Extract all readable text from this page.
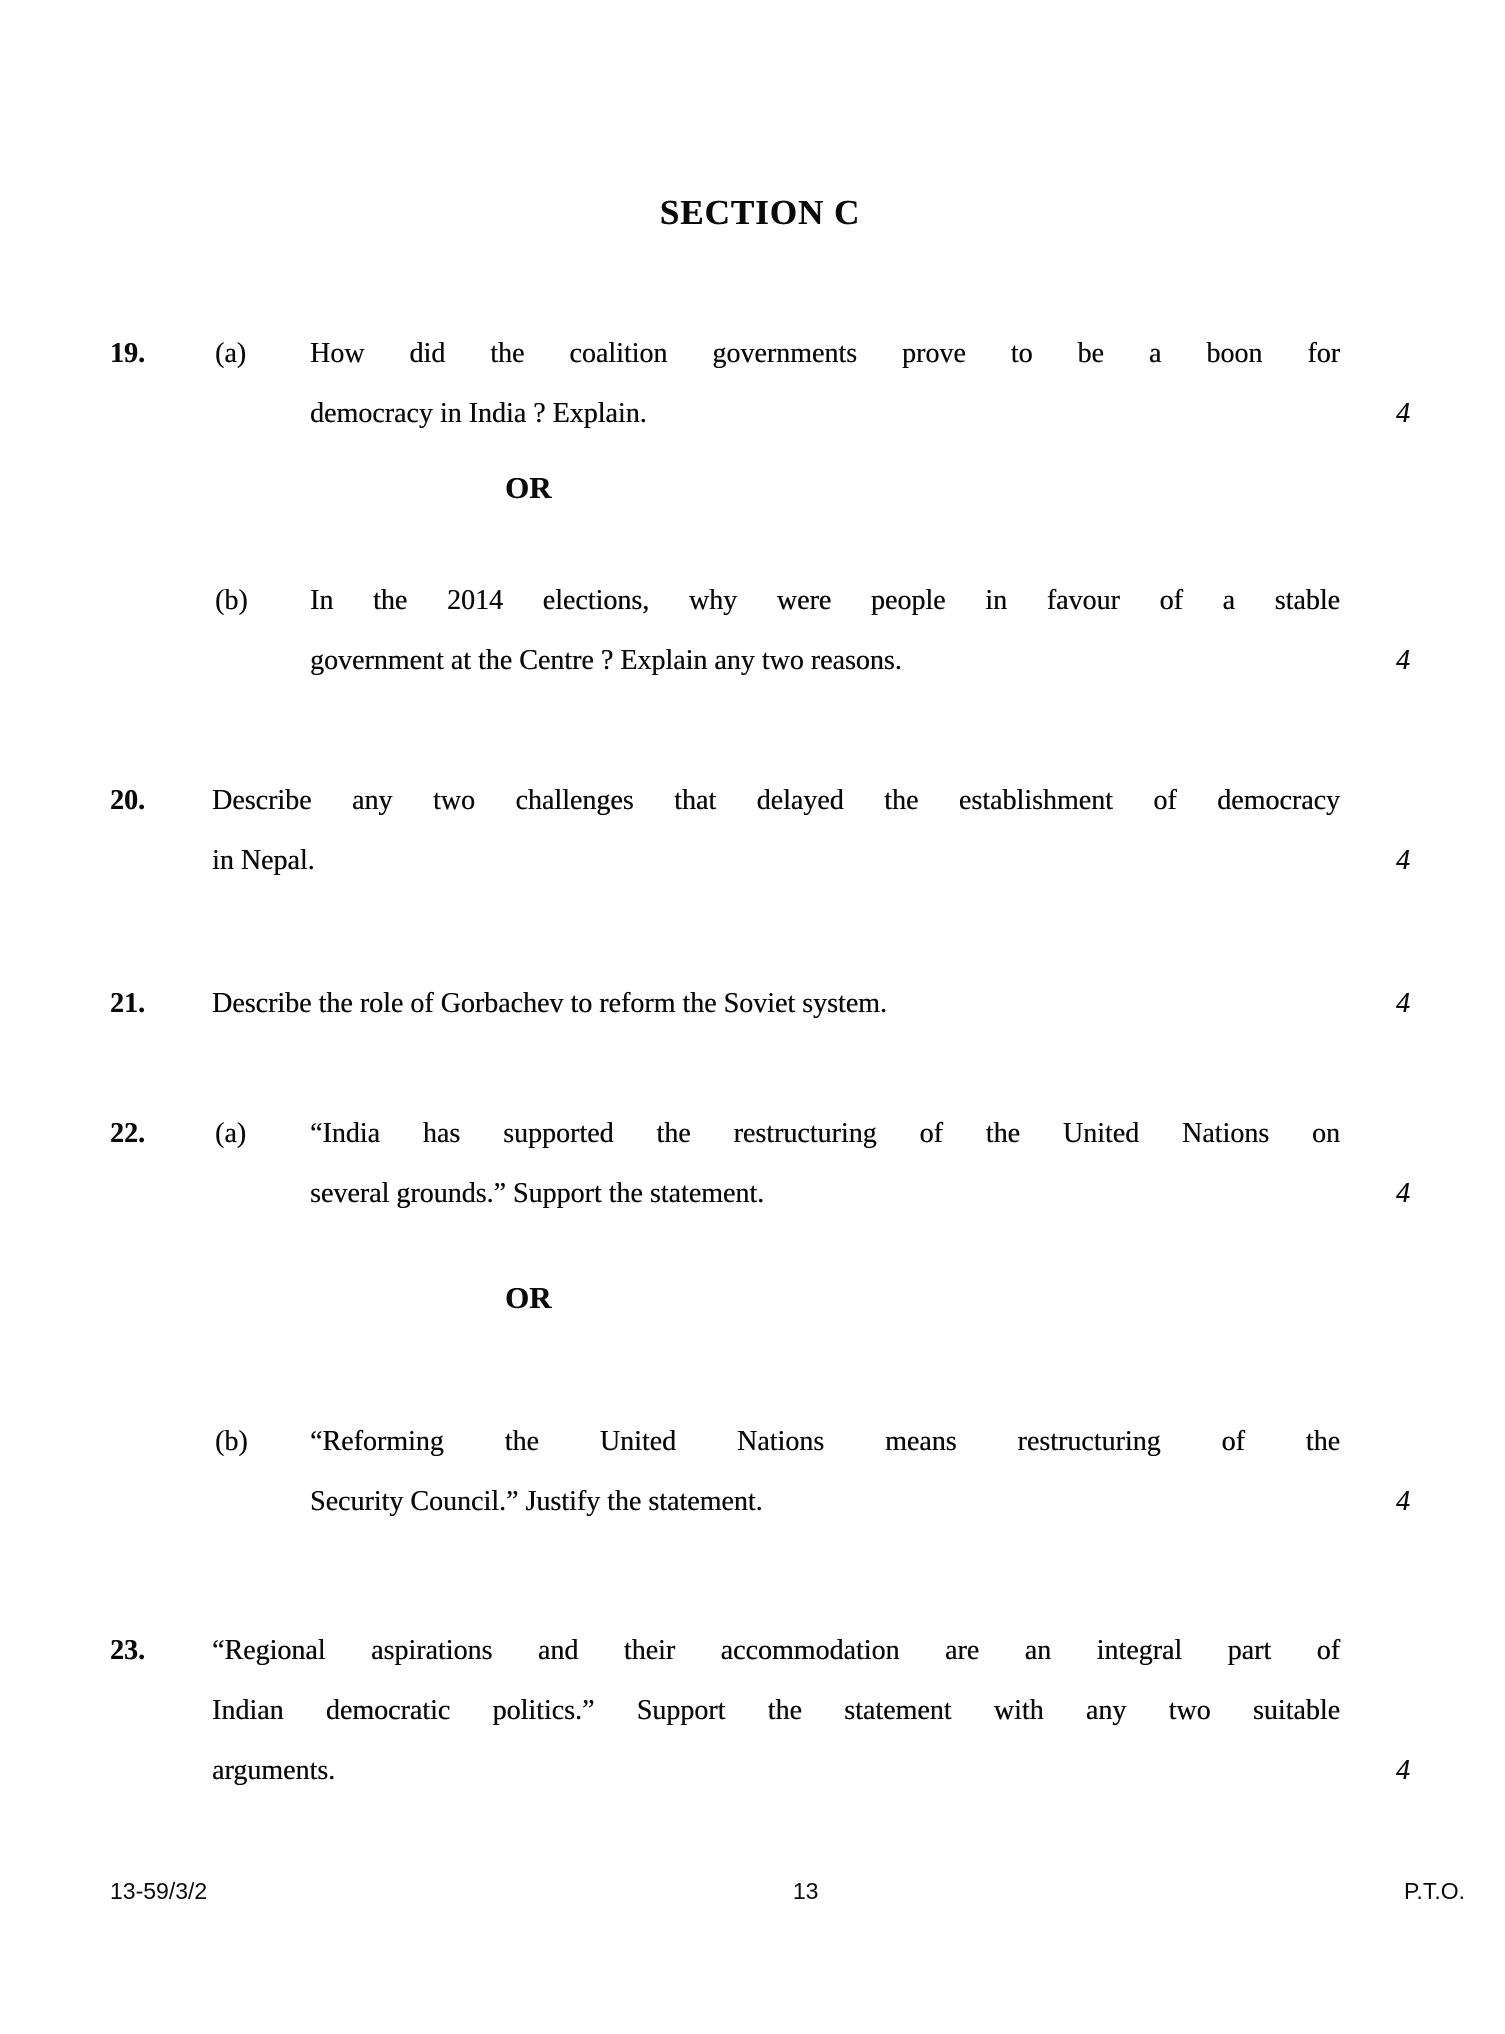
SECTION C
19.	(a)	How did the coalition governments prove to be a boon for
democracy in India ? Explain.	4
OR
(b)	In the 2014 elections, why were people in favour of a stable
government at the Centre ? Explain any two reasons.	4
20.	Describe any two challenges that delayed the establishment of democracy
in Nepal.	4
21.	Describe the role of Gorbachev to reform the Soviet system.	4
22.	(a)	“India has supported the restructuring of the United Nations on
several grounds.” Support the statement.	4
OR
(b)	“Reforming the United Nations means restructuring of the
Security Council.” Justify the statement.	4
23.	“Regional aspirations and their accommodation are an integral part of
Indian democratic politics.” Support the statement with any two suitable
arguments.	4
13-59/3/2	13	P.T.O.
